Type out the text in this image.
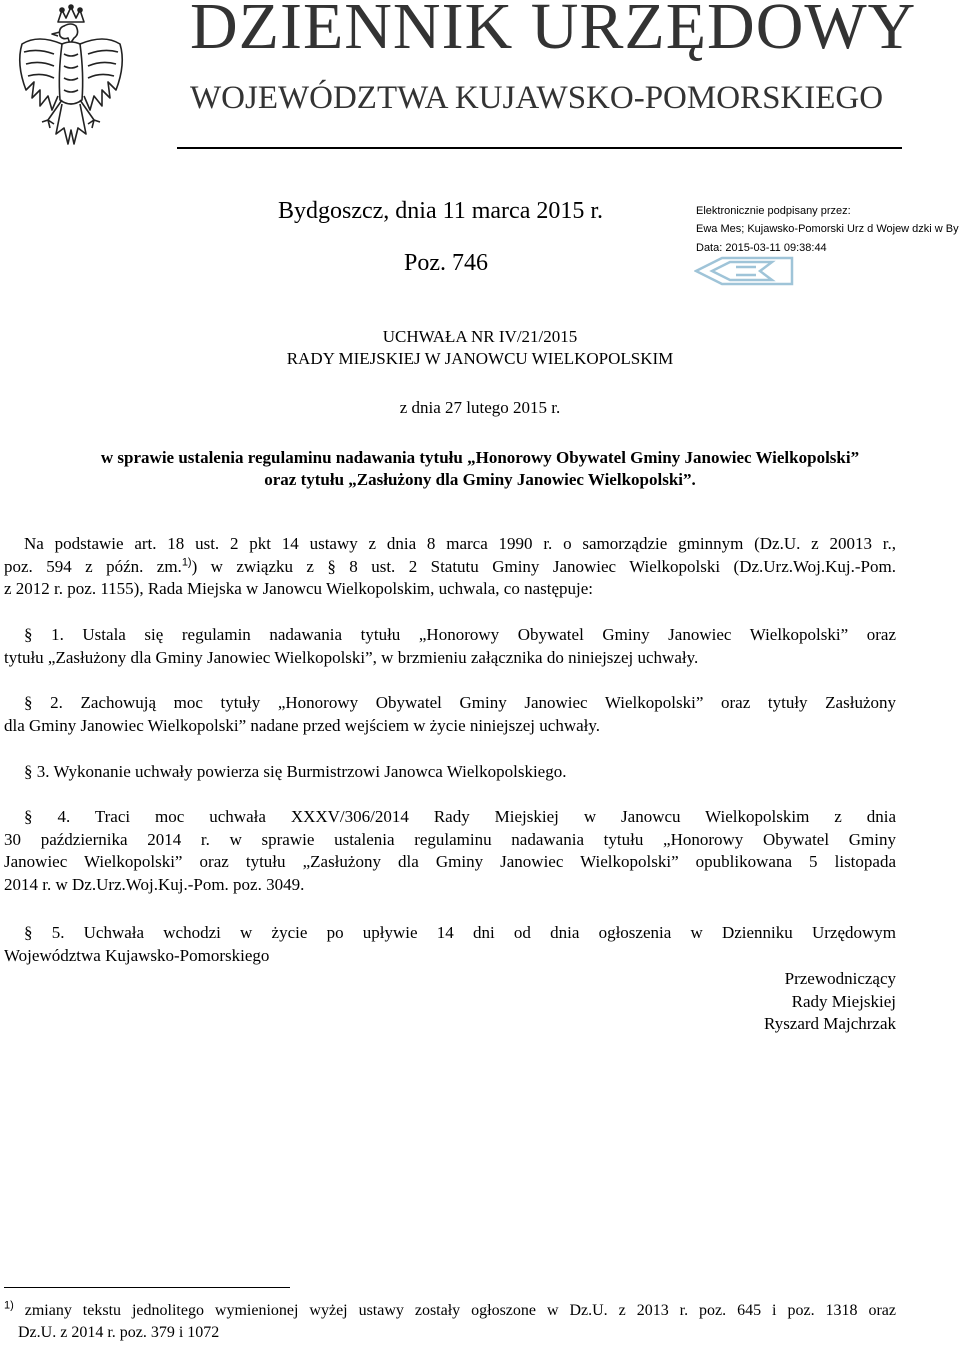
DZIENNIK URZĘDOWY
WOJEWÓDZTWA KUJAWSKO-POMORSKIEGO
Bydgoszcz, dnia 11 marca 2015 r.
Poz. 746
Elektronicznie podpisany przez:
Ewa Mes; Kujawsko-Pomorski Urz d Wojew dzki w By
Data: 2015-03-11 09:38:44
UCHWAŁA NR IV/21/2015
RADY MIEJSKIEJ W JANOWCU WIELKOPOLSKIM
z dnia 27 lutego 2015 r.
w sprawie ustalenia regulaminu nadawania tytułu „Honorowy Obywatel Gminy Janowiec Wielkopolski”
oraz tytułu „Zasłużony dla Gminy Janowiec Wielkopolski”.
Na podstawie art. 18 ust. 2 pkt 14 ustawy z dnia 8 marca 1990 r. o samorządzie gminnym (Dz.U. z 20013 r.,
poz. 594 z późn. zm.$^{1)}$) w związku z § 8 ust. 2 Statutu Gminy Janowiec Wielkopolski (Dz.Urz.Woj.Kuj.-Pom.
z 2012 r. poz. 1155), Rada Miejska w Janowcu Wielkopolskim, uchwala, co następuje:
§ 1. Ustala się regulamin nadawania tytułu „Honorowy Obywatel Gminy Janowiec Wielkopolski” oraz
tytułu „Zasłużony dla Gminy Janowiec Wielkopolski”, w brzmieniu załącznika do niniejszej uchwały.
§ 2. Zachowują moc tytuły „Honorowy Obywatel Gminy Janowiec Wielkopolski” oraz tytuły Zasłużony
dla Gminy Janowiec Wielkopolski” nadane przed wejściem w życie niniejszej uchwały.
§ 3. Wykonanie uchwały powierza się Burmistrzowi Janowca Wielkopolskiego.
§ 4. Traci moc uchwała XXXV/306/2014 Rady Miejskiej w Janowcu Wielkopolskim z dnia
30 października 2014 r. w sprawie ustalenia regulaminu nadawania tytułu „Honorowy Obywatel Gminy
Janowiec Wielkopolski” oraz tytułu „Zasłużony dla Gminy Janowiec Wielkopolski” opublikowana 5 listopada
2014 r. w Dz.Urz.Woj.Kuj.-Pom. poz. 3049.
§ 5. Uchwała wchodzi w życie po upływie 14 dni od dnia ogłoszenia w Dzienniku Urzędowym
Województwa Kujawsko-Pomorskiego
Przewodniczący
Rady Miejskiej
Ryszard Majchrzak
$^{1)}$ zmiany tekstu jednolitego wymienionej wyżej ustawy zostały ogłoszone w Dz.U. z 2013 r. poz. 645 i poz. 1318 oraz
Dz.U. z 2014 r. poz. 379 i 1072
